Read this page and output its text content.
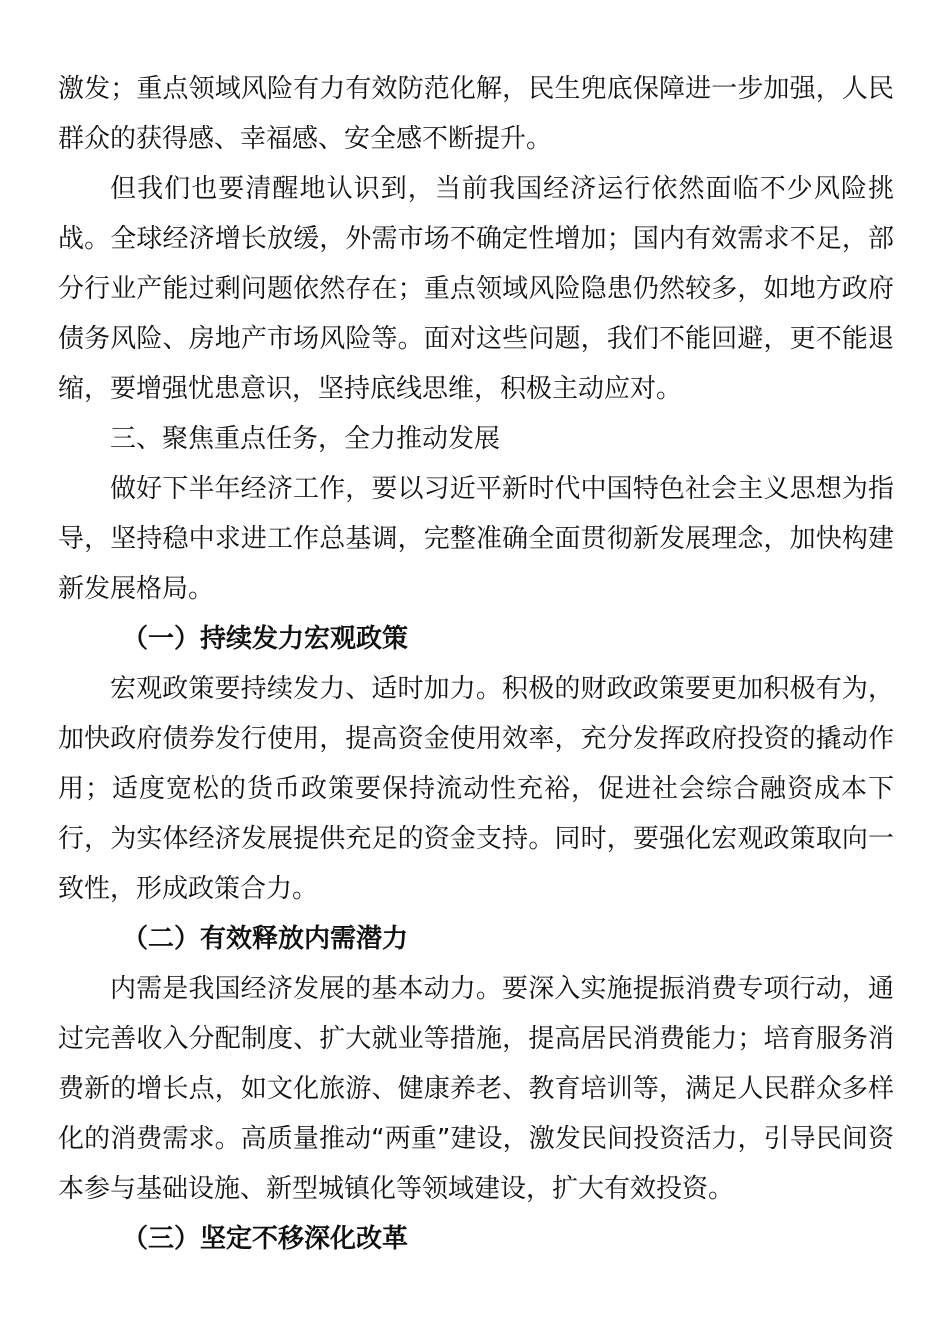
激发；重点领域风险有力有效防范化解，民生兜底保障进一步加强，人民群众的获得感、幸福感、安全感不断提升。

但我们也要清醒地认识到，当前我国经济运行依然面临不少风险挑战。全球经济增长放缓，外需市场不确定性增加；国内有效需求不足，部分行业产能过剩问题依然存在；重点领域风险隐患仍然较多，如地方政府债务风险、房地产市场风险等。面对这些问题，我们不能回避，更不能退缩，要增强忧患意识，坚持底线思维，积极主动应对。

三、聚焦重点任务，全力推动发展

做好下半年经济工作，要以习近平新时代中国特色社会主义思想为指导，坚持稳中求进工作总基调，完整准确全面贯彻新发展理念，加快构建新发展格局。

（一）持续发力宏观政策

宏观政策要持续发力、适时加力。积极的财政政策要更加积极有为，加快政府债券发行使用，提高资金使用效率，充分发挥政府投资的撬动作用；适度宽松的货币政策要保持流动性充裕，促进社会综合融资成本下行，为实体经济发展提供充足的资金支持。同时，要强化宏观政策取向一致性，形成政策合力。

（二）有效释放内需潜力

内需是我国经济发展的基本动力。要深入实施提振消费专项行动，通过完善收入分配制度、扩大就业等措施，提高居民消费能力；培育服务消费新的增长点，如文化旅游、健康养老、教育培训等，满足人民群众多样化的消费需求。高质量推动“两重”建设，激发民间投资活力，引导民间资本参与基础设施、新型城镇化等领域建设，扩大有效投资。

（三）坚定不移深化改革
